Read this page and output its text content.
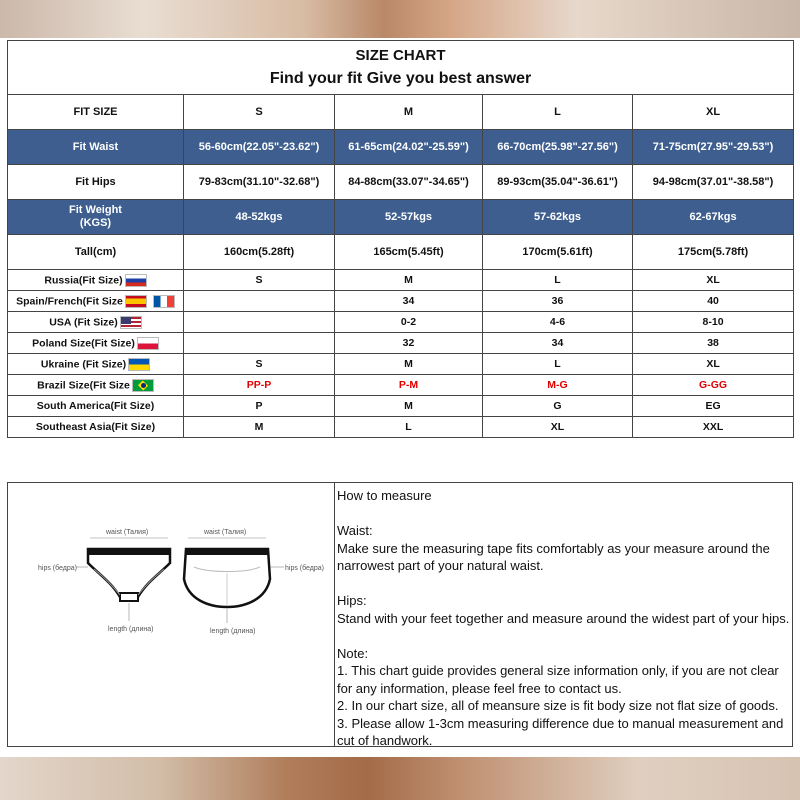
SIZE CHART
Find your fit Give you best answer				

FIT SIZE	S	M	L	XL
Fit Waist	56-60cm(22.05"-23.62")	61-65cm(24.02"-25.59")	66-70cm(25.98"-27.56")	71-75cm(27.95"-29.53")
Fit Hips	79-83cm(31.10"-32.68")	84-88cm(33.07"-34.65")	89-93cm(35.04"-36.61")	94-98cm(37.01"-38.58")
Fit Weight
(KGS)	48-52kgs	52-57kgs	57-62kgs	62-67kgs
Tall(cm)	160cm(5.28ft)	165cm(5.45ft)	170cm(5.61ft)	175cm(5.78ft)
Russia(Fit Size)	S	M	L	XL
Spain/French(Fit Size		34	36	40
USA (Fit Size)		0-2	4-6	8-10
Poland Size(Fit Size)		32	34	38
Ukraine (Fit Size)	S	M	L	XL
Brazil Size(Fit Size	PP-P	P-M	M-G	G-GG
South America(Fit Size)	P	M	G	EG
Southeast Asia(Fit Size)	M	L	XL	XXL
waist (Талия)	waist (Талия)
hips (бедра)	hips (бедра)
length (длина)	length (длина)

How to measure

Waist:

Make sure the measuring tape fits comfortably as your measure around the narrowest part of your natural waist.

Hips:

Stand with your feet together and measure around the widest part of your hips.

Note:

1. This chart guide provides general size information only, if you are not clear for any information, please feel free to contact us.

2. In our chart size, all of meansure size is fit body size not flat size of goods.

3. Please allow 1-3cm measuring difference due to manual measurement and cut of handwork.
